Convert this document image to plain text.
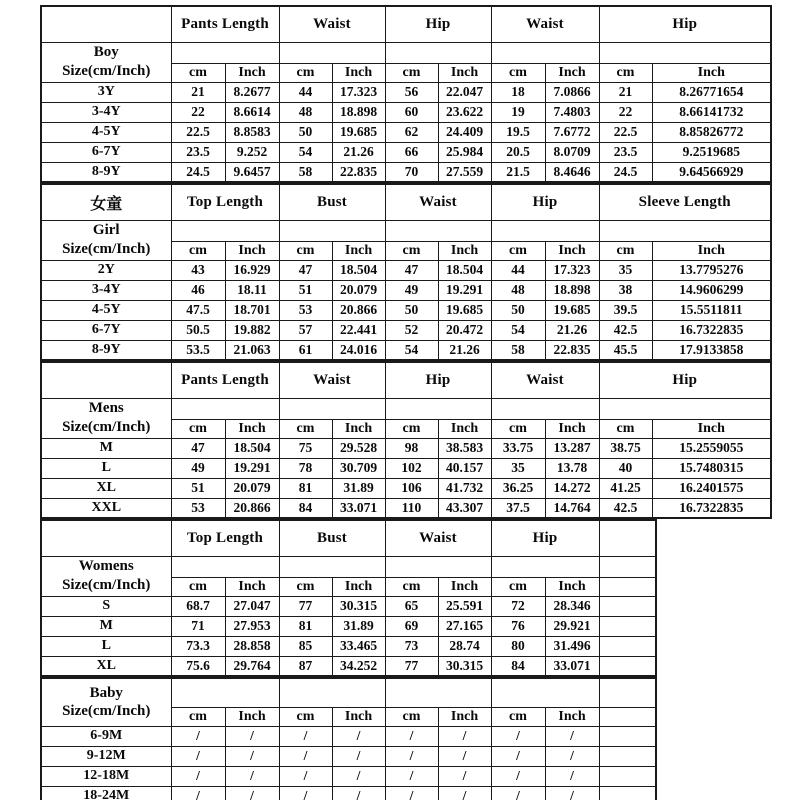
	Pants Length		Waist		Hip		Waist		Hip	

Boy
Size(cm/Inch)										

	cm	Inch	cm	Inch	cm	Inch	cm	Inch	cm	Inch
3Y	21	8.2677	44	17.323	56	22.047	18	7.0866	21	8.26771654
3-4Y	22	8.6614	48	18.898	60	23.622	19	7.4803	22	8.66141732
4-5Y	22.5	8.8583	50	19.685	62	24.409	19.5	7.6772	22.5	8.85826772
6-7Y	23.5	9.252	54	21.26	66	25.984	20.5	8.0709	23.5	9.2519685
8-9Y	24.5	9.6457	58	22.835	70	27.559	21.5	8.4646	24.5	9.64566929
女童	Top Length		Bust		Waist		Hip		Sleeve Length	

Girl
Size(cm/Inch)										

	cm	Inch	cm	Inch	cm	Inch	cm	Inch	cm	Inch
2Y	43	16.929	47	18.504	47	18.504	44	17.323	35	13.7795276
3-4Y	46	18.11	51	20.079	49	19.291	48	18.898	38	14.9606299
4-5Y	47.5	18.701	53	20.866	50	19.685	50	19.685	39.5	15.5511811
6-7Y	50.5	19.882	57	22.441	52	20.472	54	21.26	42.5	16.7322835
8-9Y	53.5	21.063	61	24.016	54	21.26	58	22.835	45.5	17.9133858
	Pants Length		Waist		Hip		Waist		Hip	

Mens
Size(cm/Inch)										

	cm	Inch	cm	Inch	cm	Inch	cm	Inch	cm	Inch
M	47	18.504	75	29.528	98	38.583	33.75	13.287	38.75	15.2559055
L	49	19.291	78	30.709	102	40.157	35	13.78	40	15.7480315
XL	51	20.079	81	31.89	106	41.732	36.25	14.272	41.25	16.2401575
XXL	53	20.866	84	33.071	110	43.307	37.5	14.764	42.5	16.7322835
	Top Length		Bust		Waist		Hip		

Womens
Size(cm/Inch)									

	cm	Inch	cm	Inch	cm	Inch	cm	Inch	
S	68.7	27.047	77	30.315	65	25.591	72	28.346	
M	71	27.953	81	31.89	69	27.165	76	29.921	
L	73.3	28.858	85	33.465	73	28.74	80	31.496	
XL	75.6	29.764	87	34.252	77	30.315	84	33.071	
Baby
Size(cm/Inch)									

	cm	Inch	cm	Inch	cm	Inch	cm	Inch	
6-9M	/	/	/	/	/	/	/	/	
9-12M	/	/	/	/	/	/	/	/	
12-18M	/	/	/	/	/	/	/	/	
18-24M	/	/	/	/	/	/	/	/	
